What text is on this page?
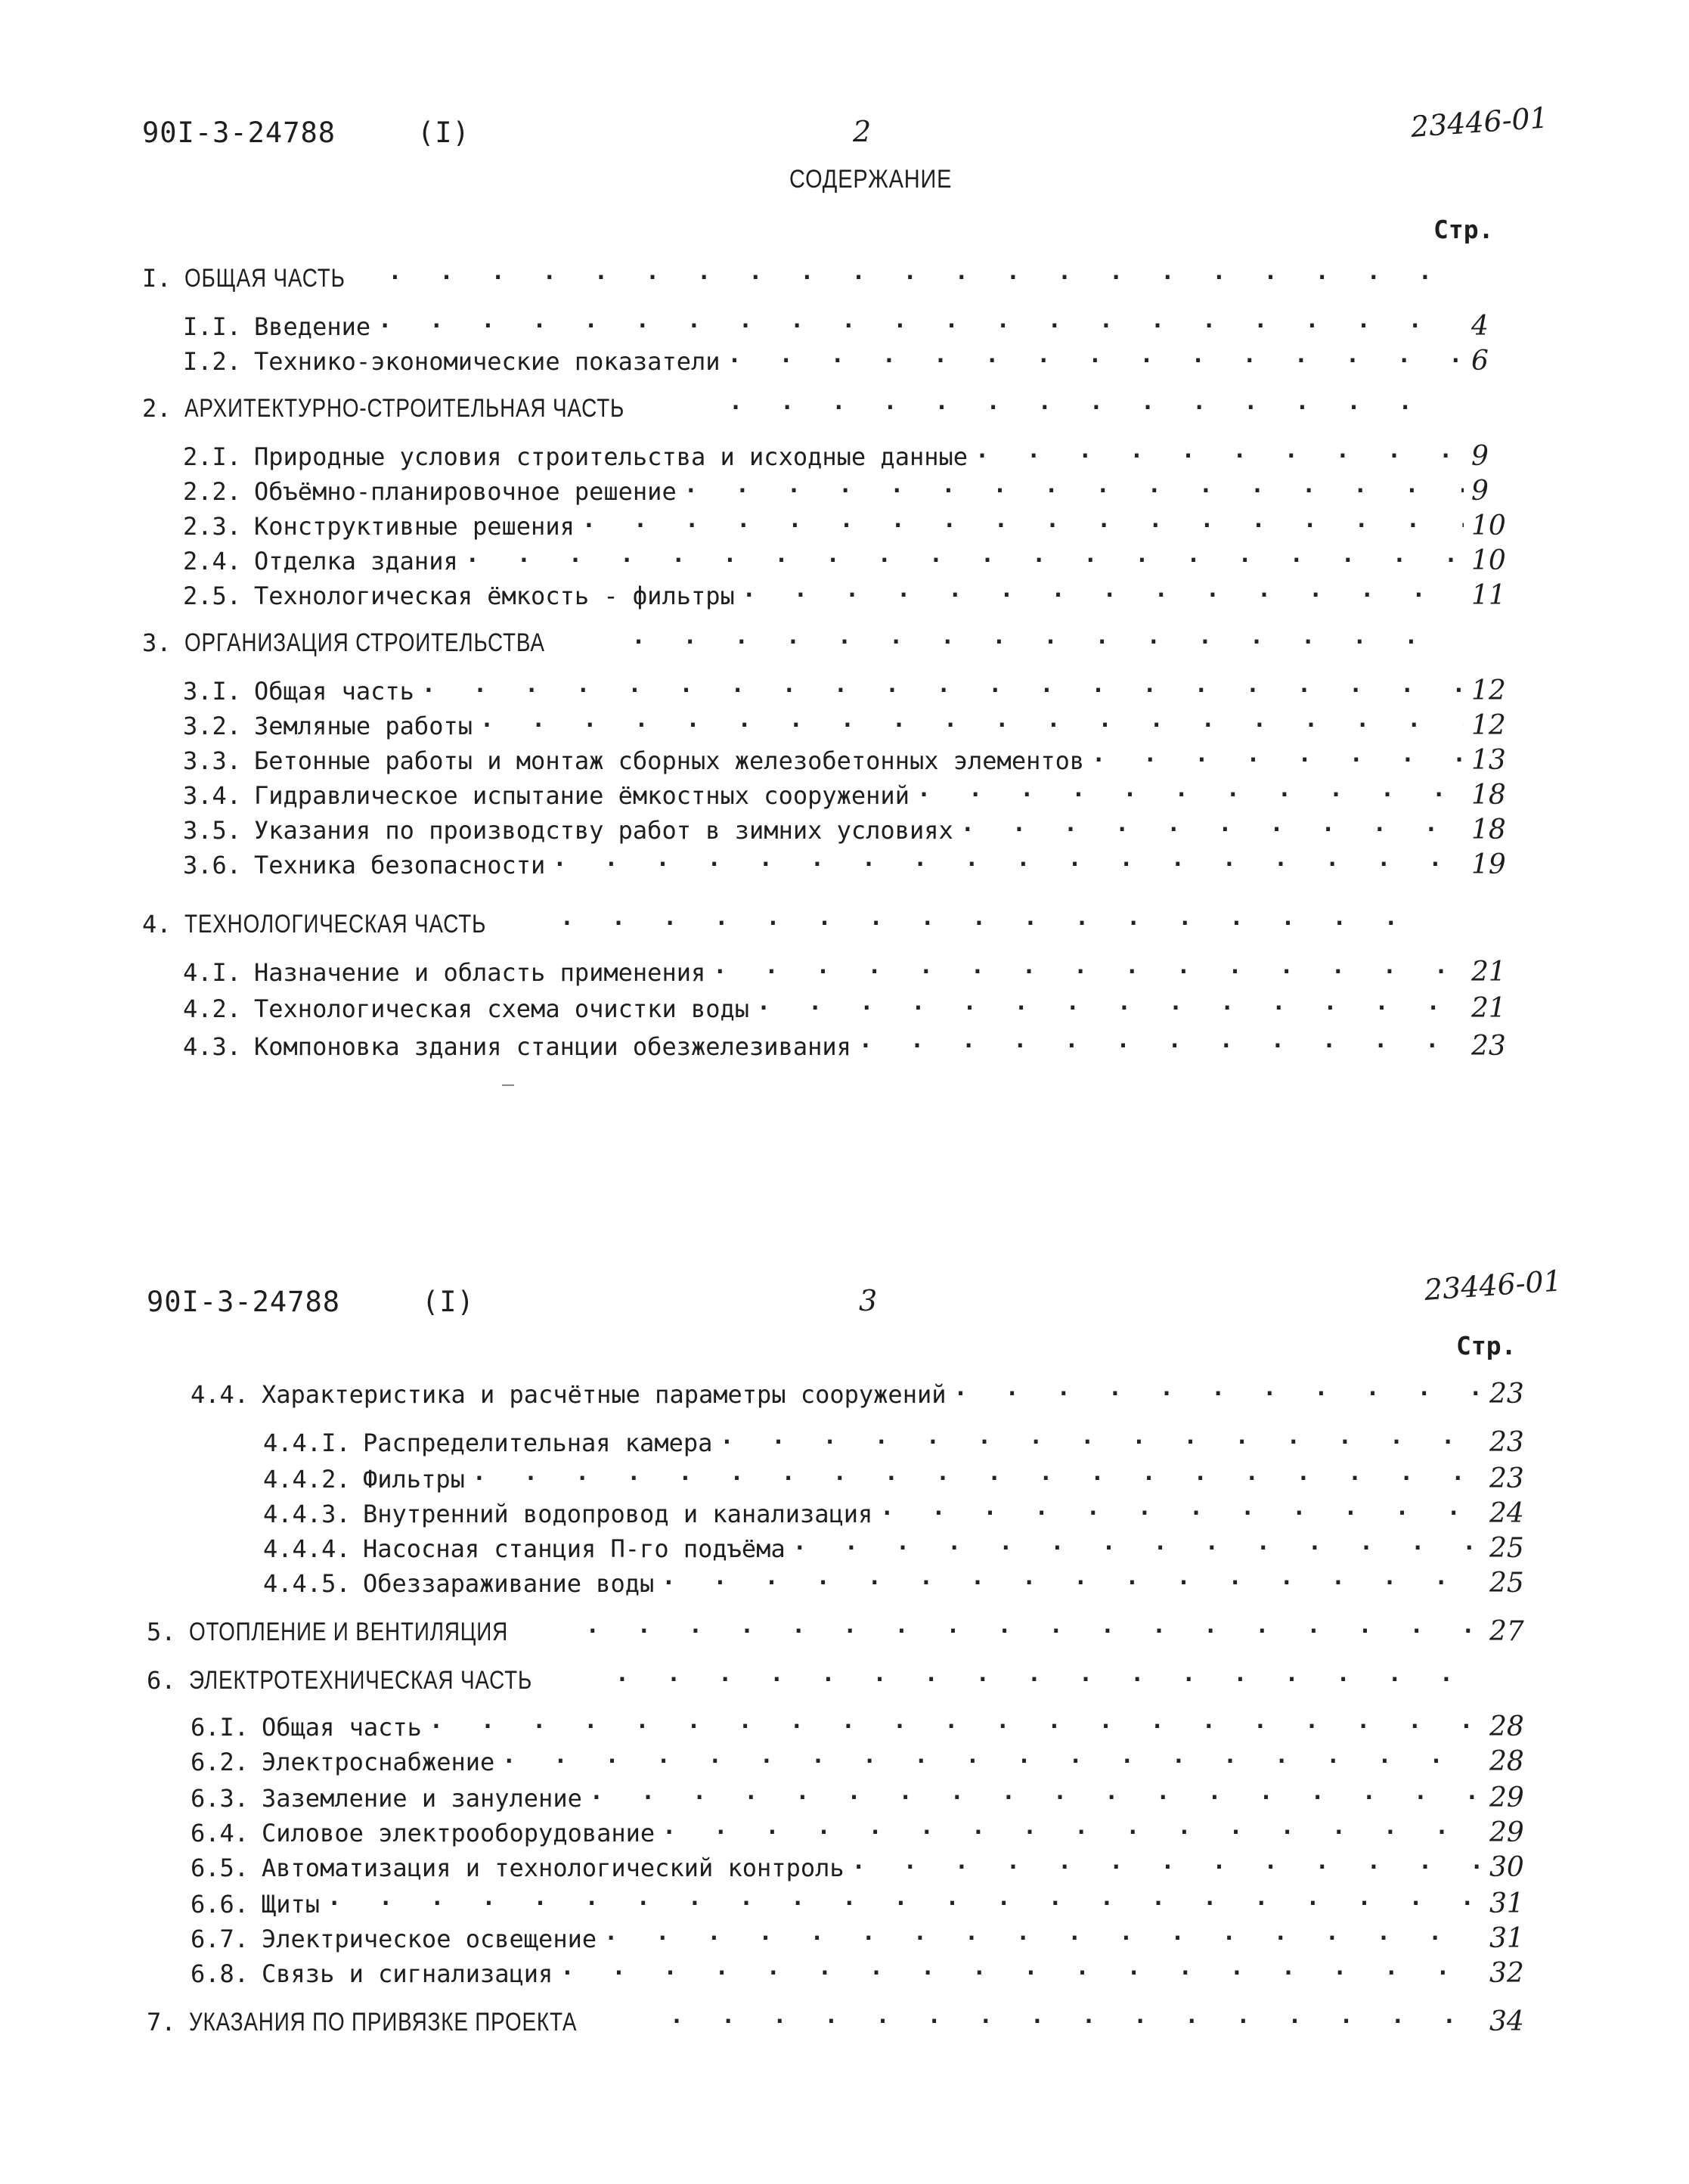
90I-3-24788	(I)	2	23446-01
СОДЕРЖАНИЕ
Стр.
I. ОБЩАЯ ЧАСТЬ
· · ·
I.I. Введение · · ·	4
I.2. Технико-экономические показатели · · ·	6
2. АРХИТЕКТУРНО-СТРОИТЕЛЬНАЯ ЧАСТЬ
· · ·
2.I. Природные условия строительства и исходные данные · · ·	9
2.2. Объёмно-планировочное решение · · ·	9
2.3. Конструктивные решения · · ·	10
2.4. Отделка здания · · ·	10
2.5. Технологическая ёмкость - фильтры · · ·	11
3. ОРГАНИЗАЦИЯ СТРОИТЕЛЬСТВА
· · ·
3.I. Общая часть · · ·	12
3.2. Земляные работы · · ·	12
3.3. Бетонные работы и монтаж сборных железобетонных элементов · · ·	13
3.4. Гидравлическое испытание ёмкостных сооружений · · ·	18
3.5. Указания по производству работ в зимних условиях · · ·	18
3.6. Техника безопасности · · ·	19
4. ТЕХНОЛОГИЧЕСКАЯ ЧАСТЬ
· · ·
4.I. Назначение и область применения · · ·	21
4.2. Технологическая схема очистки воды · · ·	21
4.3. Компоновка здания станции обезжелезивания · · ·	23
90I-3-24788	(I)	3	23446-01
Стр.
4.4. Характеристика и расчётные параметры сооружений · · ·	23
4.4.I. Распределительная камера · · ·	23
4.4.2. Фильтры · · ·	23
4.4.3. Внутренний водопровод и канализация · · ·	24
4.4.4. Насосная станция П-го подъёма · · ·	25
4.4.5. Обеззараживание воды · · ·	25
5. ОТОПЛЕНИЕ И ВЕНТИЛЯЦИЯ · · ·	27
6. ЭЛЕКТРОТЕХНИЧЕСКАЯ ЧАСТЬ
· · ·
6.I. Общая часть · · ·	28
6.2. Электроснабжение · · ·	28
6.3. Заземление и зануление · · ·	29
6.4. Силовое электрооборудование · · ·	29
6.5. Автоматизация и технологический контроль · · ·	30
6.6. Щиты · · ·	31
6.7. Электрическое освещение · · ·	31
6.8. Связь и сигнализация · · ·	32
7. УКАЗАНИЯ ПО ПРИВЯЗКЕ ПРОЕКТА · · ·	34
